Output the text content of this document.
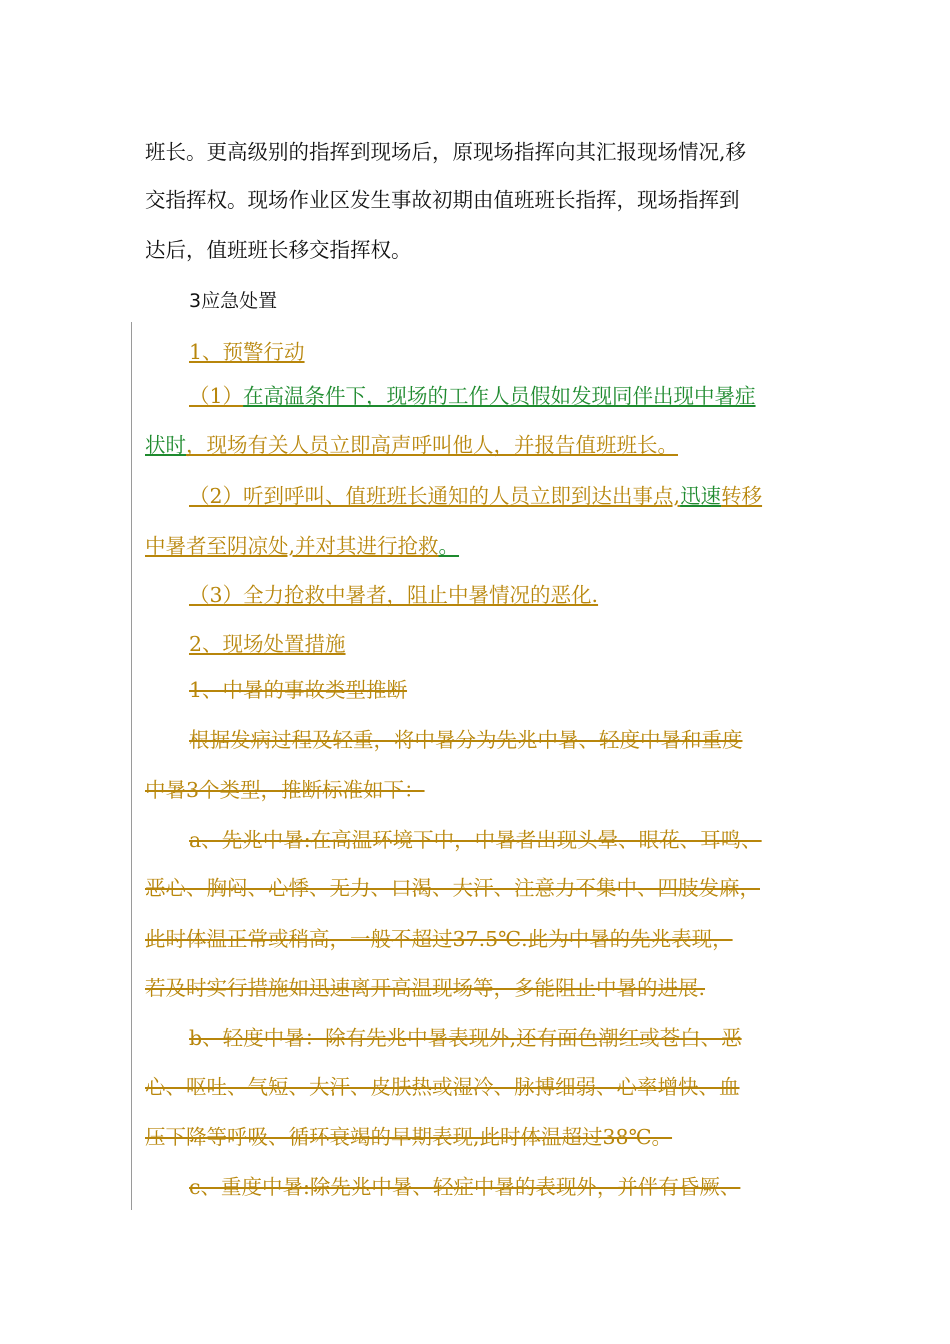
班长。更高级别的指挥到现场后，原现场指挥向其汇报现场情况,移
交指挥权。现场作业区发生事故初期由值班班长指挥，现场指挥到
达后，值班班长移交指挥权。
3应急处置
1、预警行动
（1）在高温条件下，现场的工作人员假如发现同伴出现中暑症
状时，现场有关人员立即高声呼叫他人，并报告值班班长。
（2）听到呼叫、值班班长通知的人员立即到达出事点,迅速转移
中暑者至阴凉处,并对其进行抢救。
（3）全力抢救中暑者，阻止中暑情况的恶化.
2、现场处置措施
1、中暑的事故类型推断
根据发病过程及轻重，将中暑分为先兆中暑、轻度中暑和重度
中暑3个类型，推断标准如下：
a、先兆中暑:在高温环境下中，中暑者出现头晕、眼花、耳鸣、
恶心、胸闷、心悸、无力、口渴、大汗、注意力不集中、四肢发麻，
此时体温正常或稍高，一般不超过37.5℃.此为中暑的先兆表现，
若及时实行措施如迅速离开高温现场等，多能阻止中暑的进展.
b、轻度中暑：除有先兆中暑表现外,还有面色潮红或苍白、恶
心、呕吐、气短、大汗、皮肤热或湿冷、脉搏细弱、心率增快、血
压下降等呼吸、循环衰竭的早期表现,此时体温超过38℃。
c、重度中暑:除先兆中暑、轻症中暑的表现外，并伴有昏厥、
